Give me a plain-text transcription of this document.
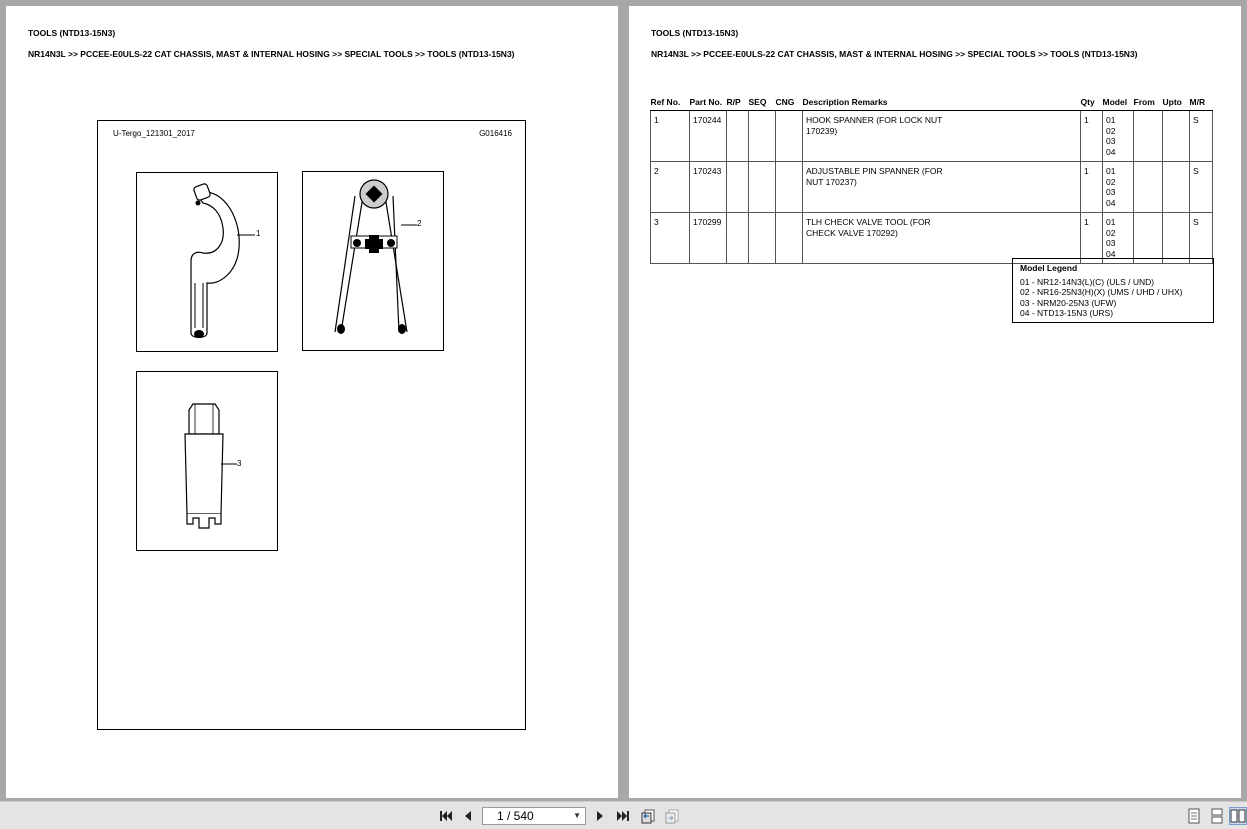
TOOLS (NTD13-15N3)
NR14N3L >> PCCEE-E0ULS-22 CAT CHASSIS, MAST & INTERNAL HOSING >> SPECIAL TOOLS >> TOOLS (NTD13-15N3)
U-Tergo_121301_2017	G016416
1
2
3
TOOLS (NTD13-15N3)
NR14N3L >> PCCEE-E0ULS-22 CAT CHASSIS, MAST & INTERNAL HOSING >> SPECIAL TOOLS >> TOOLS (NTD13-15N3)
Ref No.	Part No.	R/P	SEQ	CNG	Description Remarks	Qty	Model	From	Upto	M/R
1	170244				HOOK SPANNER (FOR LOCK NUT
170239)	1	01
02
03
04			S
2	170243				ADJUSTABLE PIN SPANNER (FOR
NUT 170237)	1	01
02
03
04			S
3	170299				TLH CHECK VALVE TOOL (FOR
CHECK VALVE 170292)	1	01
02
03
04			S
Model Legend
01 - NR12-14N3(L)(C) (ULS / UND)
02 - NR16-25N3(H)(X) (UMS / UHD / UHX)
03 - NRM20-25N3 (UFW)
04 - NTD13-15N3 (URS)
1 / 540	▼
